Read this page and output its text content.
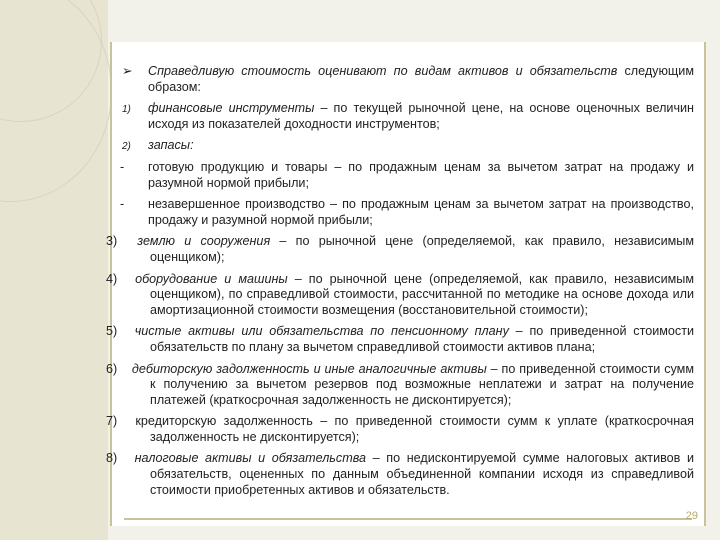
➢ Справедливую стоимость оценивают по видам активов и обязательств следующим образом:
1) финансовые инструменты – по текущей рыночной цене, на основе оценочных величин исходя из показателей доходности инструментов;
2) запасы:
- готовую продукцию и товары – по продажным ценам за вычетом затрат на продажу и разумной нормой прибыли;
- незавершенное производство – по продажным ценам за вычетом затрат на производство, продажу и разумной нормой прибыли;
землю и сооружения – по рыночной цене (определяемой, как правило, независимым оценщиком);
оборудование и машины – по рыночной цене (определяемой, как правило, независимым оценщиком), по справедливой стоимости, рассчитанной по методике на основе дохода или амортизационной стоимости возмещения (восстановительной стоимости);
чистые активы или обязательства по пенсионному плану – по приведенной стоимости обязательств по плану за вычетом справедливой стоимости активов плана;
дебиторскую задолженность и иные аналогичные активы – по приведенной стоимости сумм к получению за вычетом резервов под возможные неплатежи и затрат на получение платежей (краткосрочная задолженность не дисконтируется);
кредиторскую задолженность – по приведенной стоимости сумм к уплате (краткосрочная задолженность не дисконтируется);
налоговые активы и обязательства – по недисконтируемой сумме налоговых активов и обязательств, оцененных по данным объединенной компании исходя из справедливой стоимости приобретенных активов и обязательств.
29
